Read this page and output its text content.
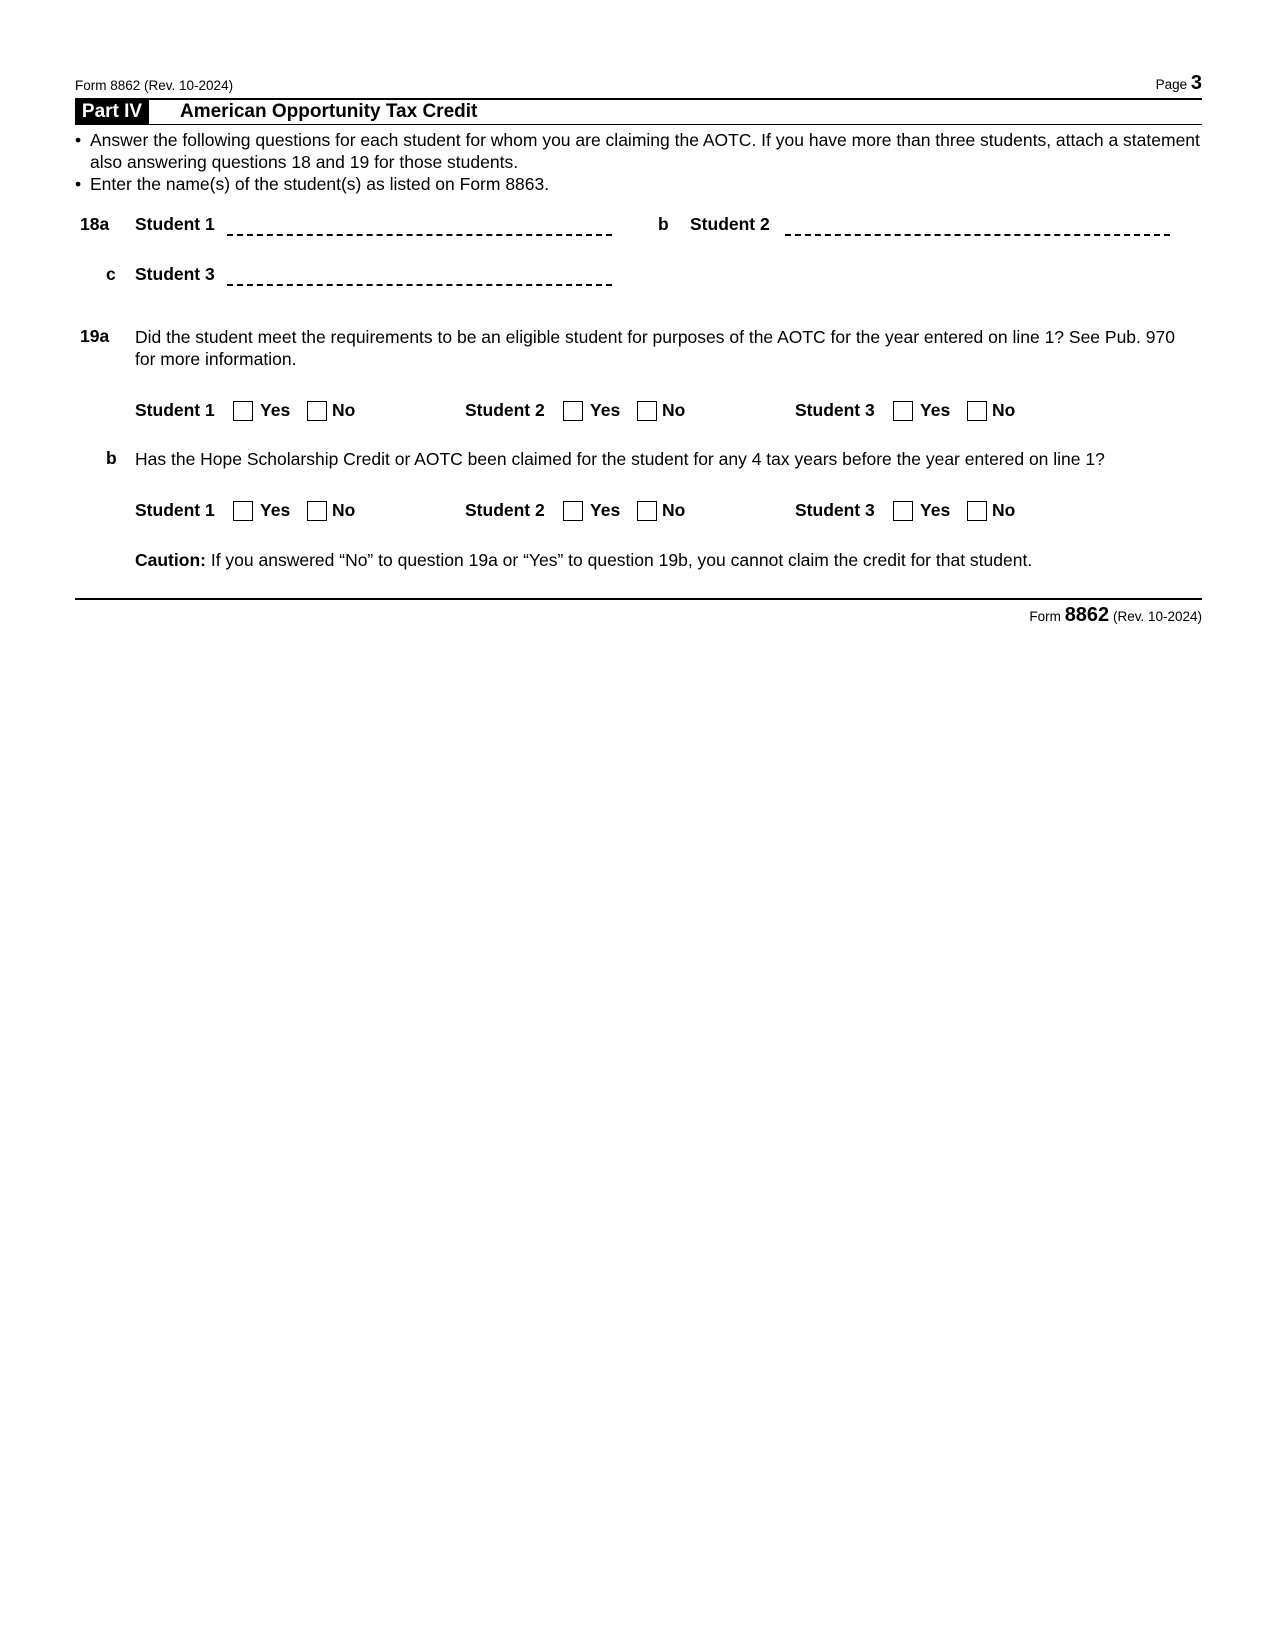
Form 8862 (Rev. 10-2024)	Page 3
Part IV	American Opportunity Tax Credit
• Answer the following questions for each student for whom you are claiming the AOTC. If you have more than three students, attach a statement also answering questions 18 and 19 for those students.
• Enter the name(s) of the student(s) as listed on Form 8863.
18a Student 1	b Student 2
c Student 3
19a Did the student meet the requirements to be an eligible student for purposes of the AOTC for the year entered on line 1? See Pub. 970 for more information.
Student 1	Yes No	Student 2	Yes No	Student 3	Yes No
b Has the Hope Scholarship Credit or AOTC been claimed for the student for any 4 tax years before the year entered on line 1?
Student 1	Yes No	Student 2	Yes No	Student 3	Yes No
Caution: If you answered “No” to question 19a or “Yes” to question 19b, you cannot claim the credit for that student.
Form 8862 (Rev. 10-2024)
